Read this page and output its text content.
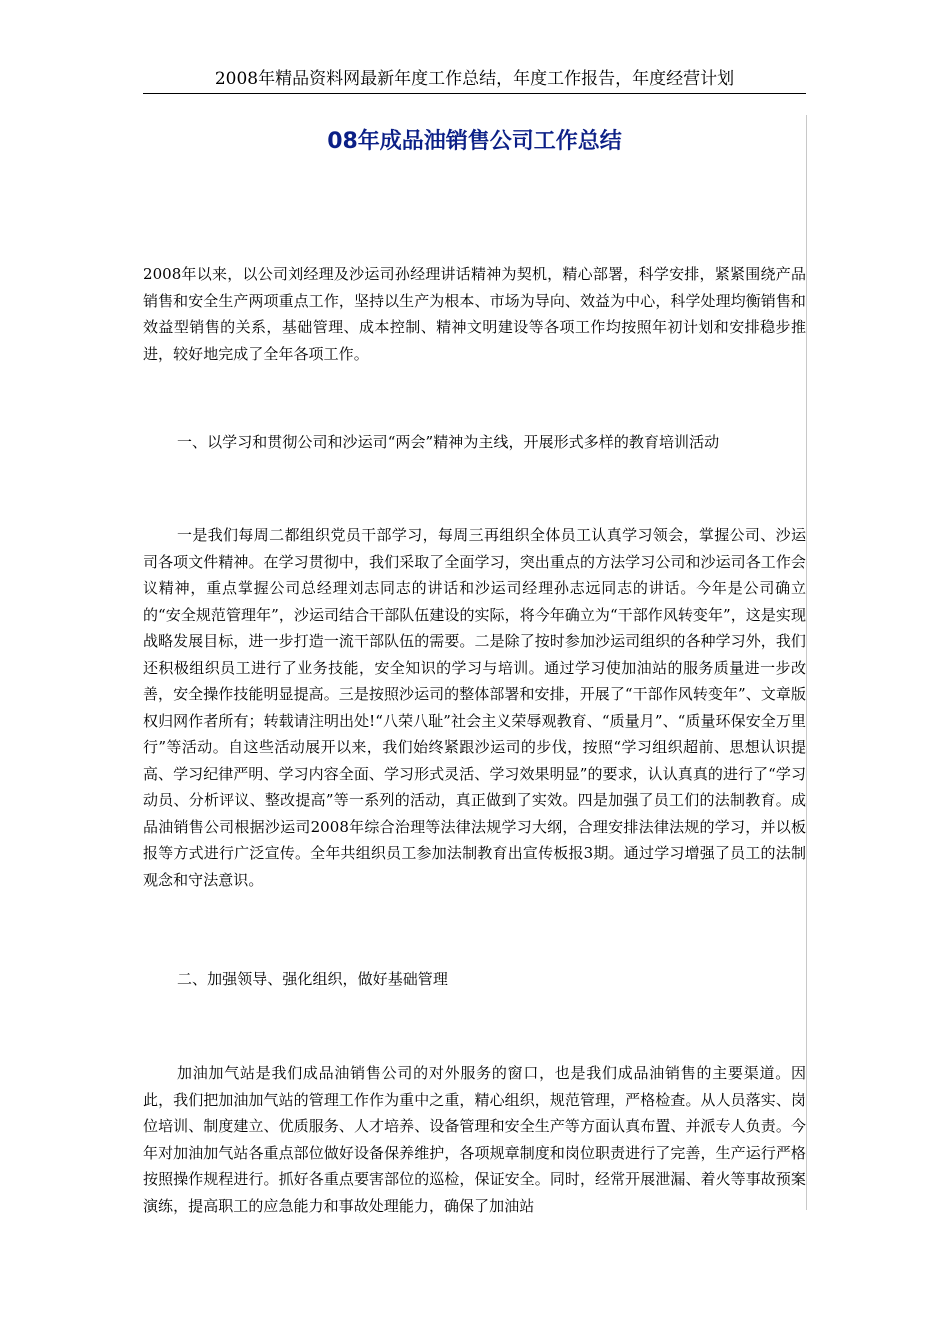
2008年精品资料网最新年度工作总结，年度工作报告，年度经营计划
08年成品油销售公司工作总结

2008年以来，以公司刘经理及沙运司孙经理讲话精神为契机，精心部署，科学安排，紧紧围绕产品销售和安全生产两项重点工作，坚持以生产为根本、市场为导向、效益为中心，科学处理均衡销售和效益型销售的关系，基础管理、成本控制、精神文明建设等各项工作均按照年初计划和安排稳步推进，较好地完成了全年各项工作。

一、以学习和贯彻公司和沙运司“两会”精神为主线，开展形式多样的教育培训活动

一是我们每周二都组织党员干部学习，每周三再组织全体员工认真学习领会，掌握公司、沙运司各项文件精神。在学习贯彻中，我们采取了全面学习，突出重点的方法学习公司和沙运司各工作会议精神，重点掌握公司总经理刘志同志的讲话和沙运司经理孙志远同志的讲话。今年是公司确立的“安全规范管理年”，沙运司结合干部队伍建设的实际，将今年确立为“干部作风转变年”，这是实现战略发展目标，进一步打造一流干部队伍的需要。二是除了按时参加沙运司组织的各种学习外，我们还积极组织员工进行了业务技能，安全知识的学习与培训。通过学习使加油站的服务质量进一步改善，安全操作技能明显提高。三是按照沙运司的整体部署和安排，开展了“干部作风转变年”、文章版权归网作者所有；转载请注明出处!“八荣八耻”社会主义荣辱观教育、“质量月”、“质量环保安全万里行”等活动。自这些活动展开以来，我们始终紧跟沙运司的步伐，按照“学习组织超前、思想认识提高、学习纪律严明、学习内容全面、学习形式灵活、学习效果明显”的要求，认认真真的进行了“学习动员、分析评议、整改提高”等一系列的活动，真正做到了实效。四是加强了员工们的法制教育。成品油销售公司根据沙运司2008年综合治理等法律法规学习大纲，合理安排法律法规的学习，并以板报等方式进行广泛宣传。全年共组织员工参加法制教育出宣传板报3期。通过学习增强了员工的法制观念和守法意识。

二、加强领导、强化组织，做好基础管理

加油加气站是我们成品油销售公司的对外服务的窗口，也是我们成品油销售的主要渠道。因此，我们把加油加气站的管理工作作为重中之重，精心组织，规范管理，严格检查。从人员落实、岗位培训、制度建立、优质服务、人才培养、设备管理和安全生产等方面认真布置、并派专人负责。今年对加油加气站各重点部位做好设备保养维护，各项规章制度和岗位职责进行了完善，生产运行严格按照操作规程进行。抓好各重点要害部位的巡检，保证安全。同时，经常开展泄漏、着火等事故预案演练，提高职工的应急能力和事故处理能力，确保了加油站
